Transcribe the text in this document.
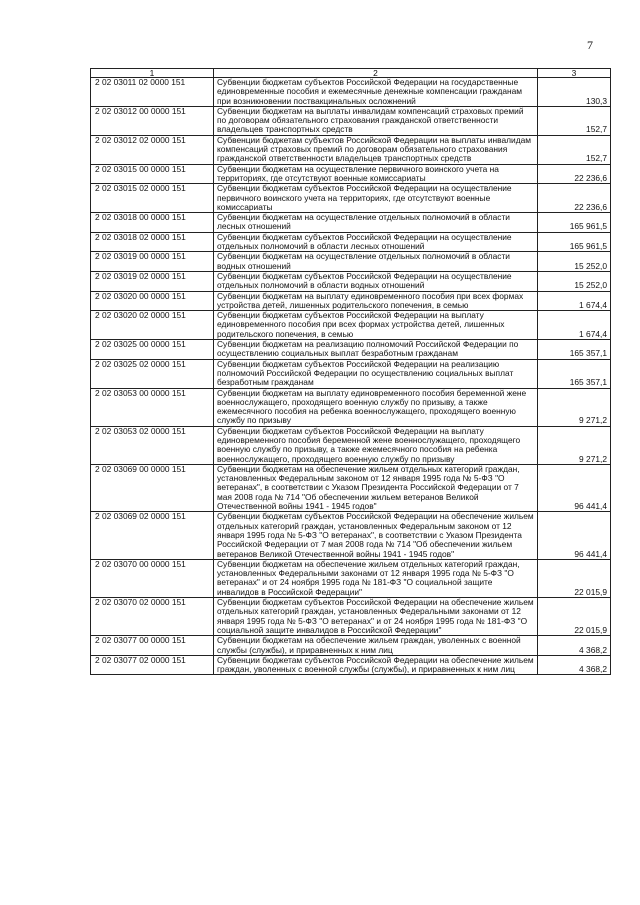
7
1	2	3
2 02 03011 02 0000 151	Субвенции бюджетам субъектов Российской Федерации на государственные единовременные пособия и ежемесячные денежные компенсации гражданам при возникновении поствакцинальных осложнений	130,3
2 02 03012 00 0000 151	Субвенции бюджетам на выплаты инвалидам компенсаций страховых премий по договорам обязательного страхования гражданской ответственности владельцев транспортных средств	152,7
2 02 03012 02 0000 151	Субвенции бюджетам субъектов Российской Федерации на выплаты инвалидам компенсаций страховых премий по договорам обязательного страхования гражданской ответственности владельцев транспортных средств	152,7
2 02 03015 00 0000 151	Субвенции бюджетам на осуществление первичного воинского учета на территориях, где отсутствуют военные комиссариаты	22 236,6
2 02 03015 02 0000 151	Субвенции бюджетам субъектов Российской Федерации на осуществление первичного воинского учета на территориях, где отсутствуют военные комиссариаты	22 236,6
2 02 03018 00 0000 151	Субвенции бюджетам на осуществление отдельных полномочий в области лесных отношений	165 961,5
2 02 03018 02 0000 151	Субвенции бюджетам субъектов Российской Федерации на осуществление отдельных полномочий в области лесных отношений	165 961,5
2 02 03019 00 0000 151	Субвенции бюджетам на осуществление отдельных полномочий в области водных отношений	15 252,0
2 02 03019 02 0000 151	Субвенции бюджетам субъектов Российской Федерации на осуществление отдельных полномочий в области водных отношений	15 252,0
2 02 03020 00 0000 151	Субвенции бюджетам на выплату единовременного пособия при всех формах устройства детей, лишенных родительского попечения, в семью	1 674,4
2 02 03020 02 0000 151	Субвенции бюджетам субъектов Российской Федерации на выплату единовременного пособия при всех формах устройства детей, лишенных родительского попечения, в семью	1 674,4
2 02 03025 00 0000 151	Субвенции бюджетам на реализацию полномочий Российской Федерации по осуществлению социальных выплат безработным гражданам	165 357,1
2 02 03025 02 0000 151	Субвенции бюджетам субъектов Российской Федерации на реализацию полномочий Российской Федерации по осуществлению социальных выплат безработным гражданам	165 357,1
2 02 03053 00 0000 151	Субвенции бюджетам на выплату единовременного пособия беременной жене военнослужащего, проходящего военную службу по призыву, а также ежемесячного пособия на ребенка военнослужащего, проходящего военную службу по призыву	9 271,2
2 02 03053 02 0000 151	Субвенции бюджетам субъектов Российской Федерации на выплату единовременного пособия беременной жене военнослужащего, проходящего военную службу по призыву, а также ежемесячного пособия на ребенка военнослужащего, проходящего военную службу по призыву	9 271,2
2 02 03069 00 0000 151	Субвенции бюджетам на обеспечение жильем отдельных категорий граждан, установленных Федеральным законом от 12 января 1995 года № 5-ФЗ "О ветеранах", в соответствии с Указом Президента Российской Федерации от 7 мая 2008 года № 714 "Об обеспечении жильем ветеранов Великой Отечественной войны 1941 - 1945 годов"	96 441,4
2 02 03069 02 0000 151	Субвенции бюджетам субъектов Российской Федерации на обеспечение жильем отдельных категорий граждан, установленных Федеральным законом от 12 января 1995 года № 5-ФЗ "О ветеранах", в соответствии с Указом Президента Российской Федерации от 7 мая 2008 года № 714 "Об обеспечении жильем ветеранов Великой Отечественной войны 1941 - 1945 годов"	96 441,4
2 02 03070 00 0000 151	Субвенции бюджетам на обеспечение жильем отдельных категорий граждан, установленных Федеральными законами от 12 января 1995 года № 5-ФЗ "О ветеранах" и от 24 ноября 1995 года № 181-ФЗ "О социальной защите инвалидов в Российской Федерации"	22 015,9
2 02 03070 02 0000 151	Субвенции бюджетам субъектов Российской Федерации на обеспечение жильем отдельных категорий граждан, установленных Федеральными законами от 12 января 1995 года № 5-ФЗ "О ветеранах" и от 24 ноября 1995 года № 181-ФЗ "О социальной защите инвалидов в Российской Федерации"	22 015,9
2 02 03077 00 0000 151	Субвенции бюджетам на обеспечение жильем граждан, уволенных с военной службы (службы), и приравненных к ним лиц	4 368,2
2 02 03077 02 0000 151	Субвенции бюджетам субъектов Российской Федерации на обеспечение жильем граждан, уволенных с военной службы (службы), и приравненных к ним лиц	4 368,2
